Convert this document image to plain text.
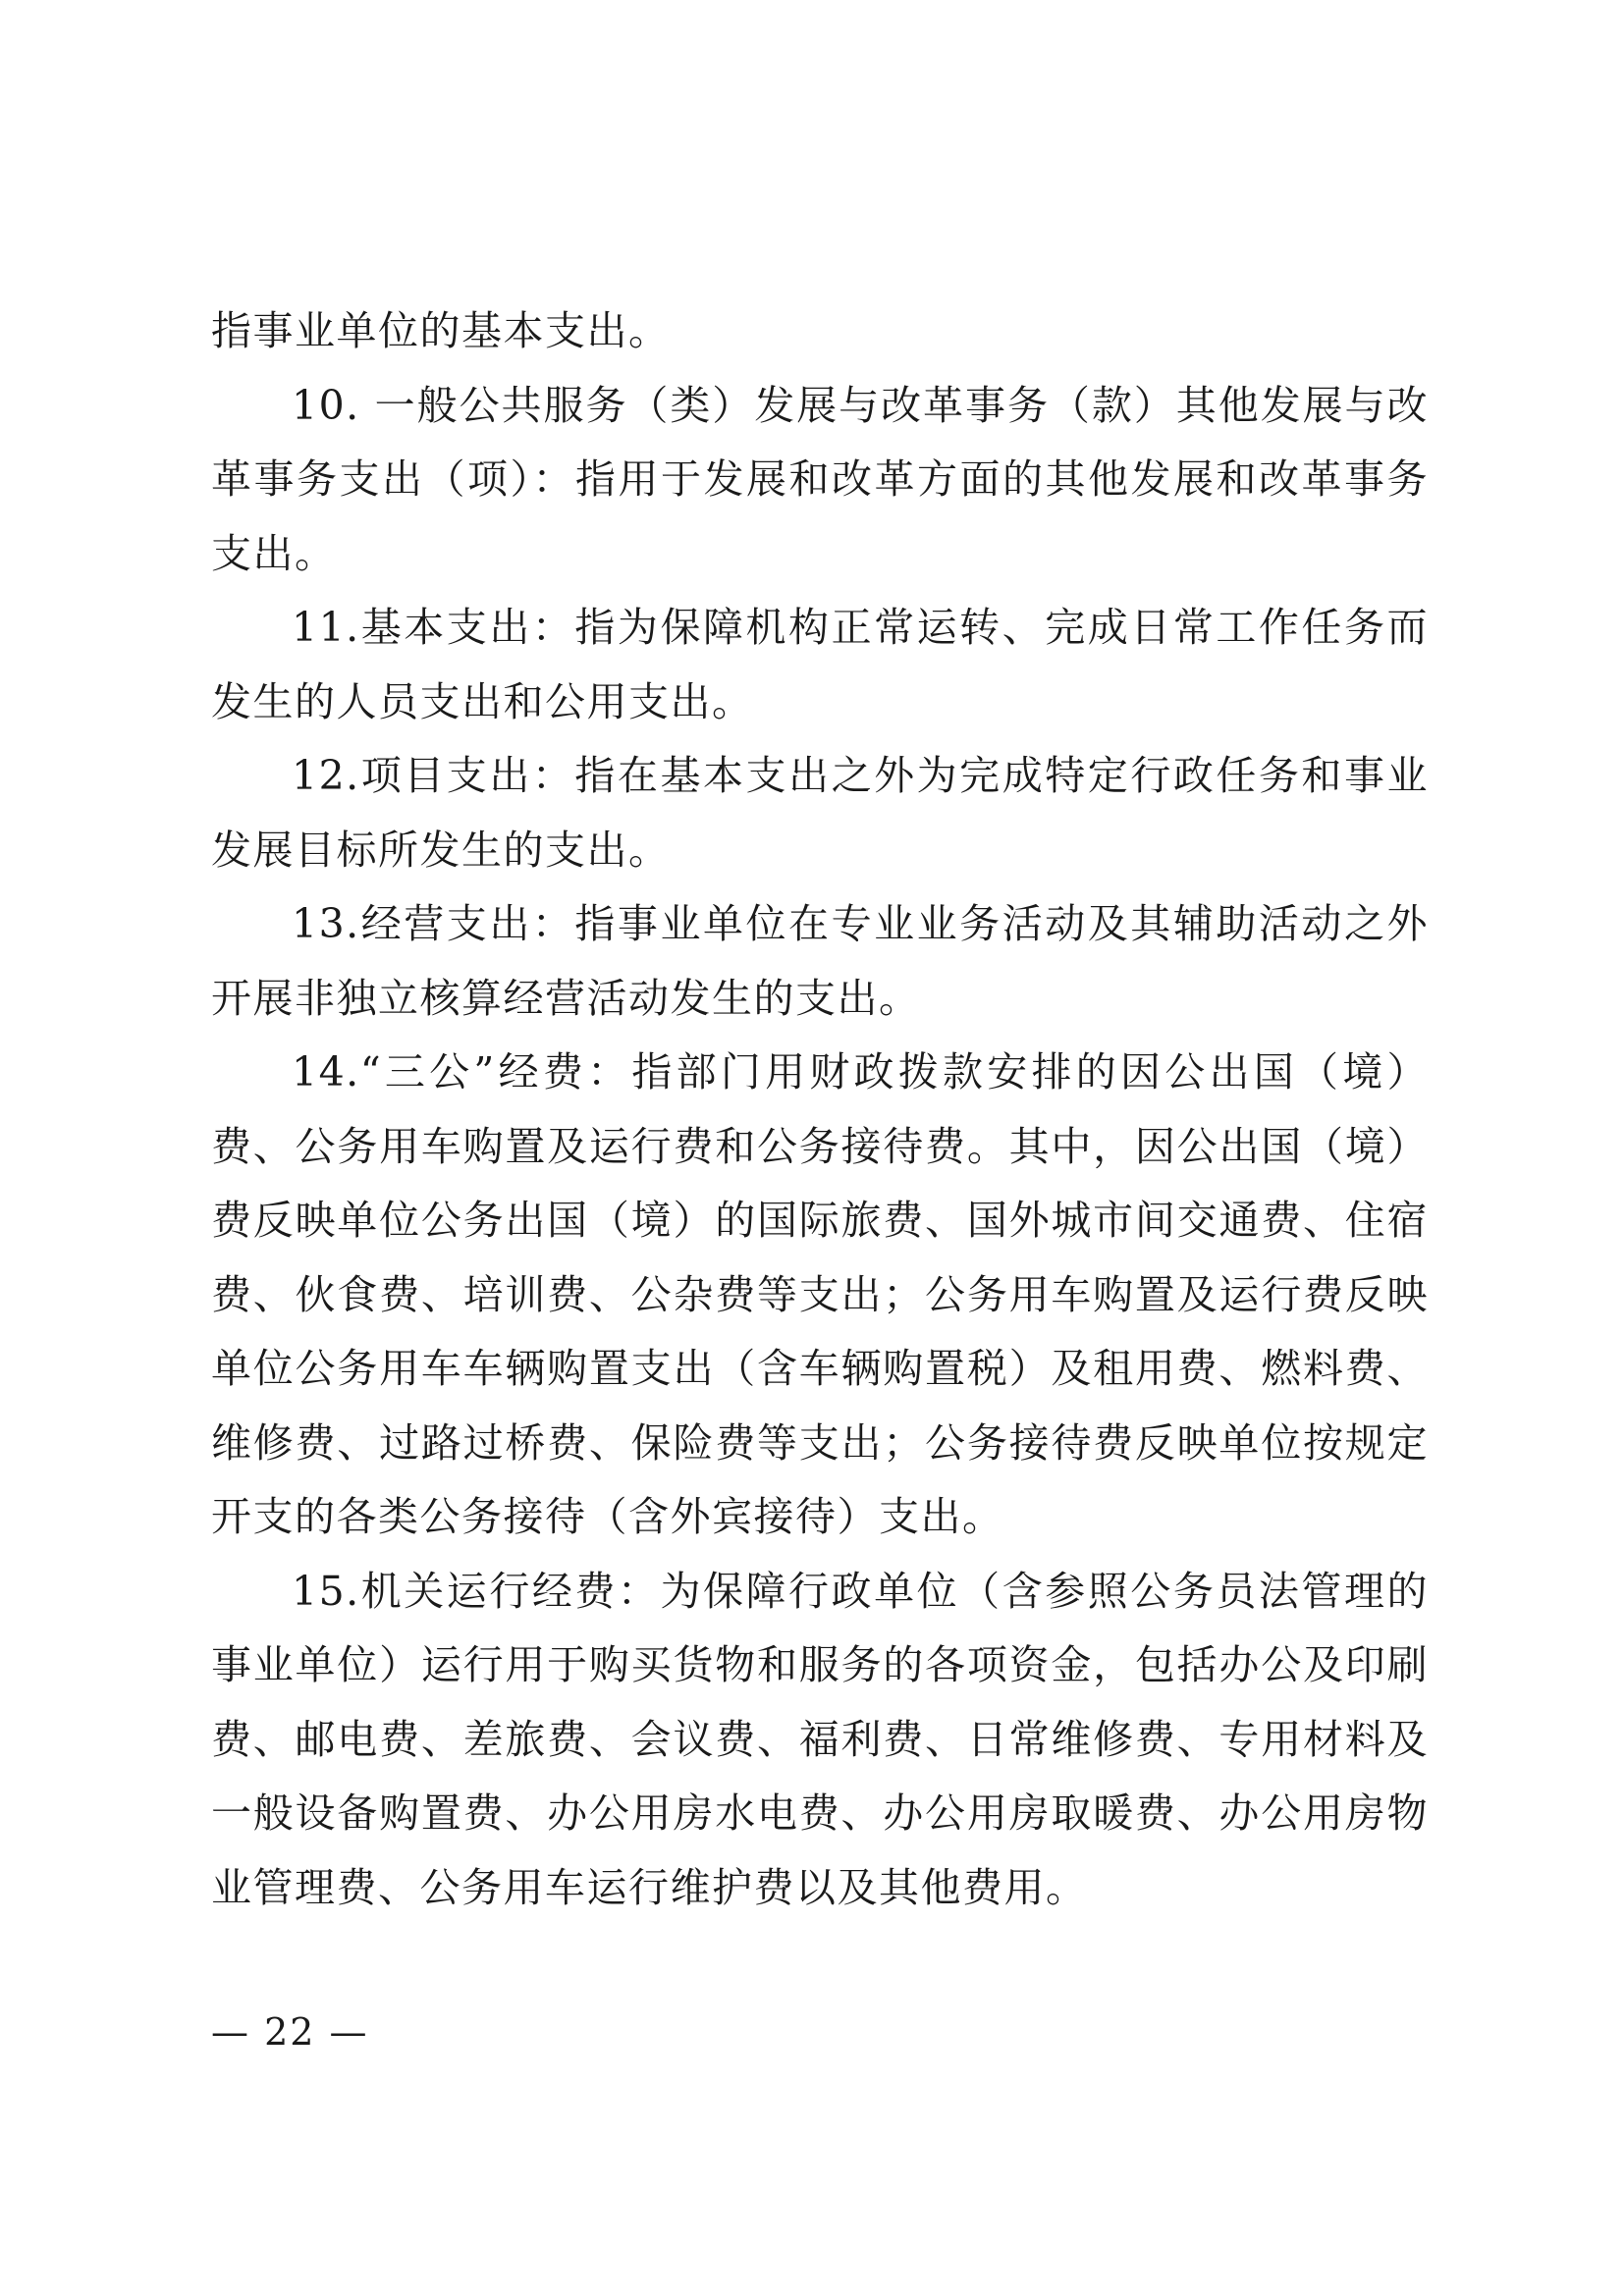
指事业单位的基本支出。

10. 一般公共服务（类）发展与改革事务（款）其他发展与改革事务支出（项）：指用于发展和改革方面的其他发展和改革事务支出。

11.基本支出：指为保障机构正常运转、完成日常工作任务而发生的人员支出和公用支出。

12.项目支出：指在基本支出之外为完成特定行政任务和事业发展目标所发生的支出。

13.经营支出：指事业单位在专业业务活动及其辅助活动之外开展非独立核算经营活动发生的支出。

14.“三公”经费：指部门用财政拨款安排的因公出国（境）费、公务用车购置及运行费和公务接待费。其中，因公出国（境）费反映单位公务出国（境）的国际旅费、国外城市间交通费、住宿费、伙食费、培训费、公杂费等支出；公务用车购置及运行费反映单位公务用车车辆购置支出（含车辆购置税）及租用费、燃料费、维修费、过路过桥费、保险费等支出；公务接待费反映单位按规定开支的各类公务接待（含外宾接待）支出。

15.机关运行经费：为保障行政单位（含参照公务员法管理的事业单位）运行用于购买货物和服务的各项资金，包括办公及印刷费、邮电费、差旅费、会议费、福利费、日常维修费、专用材料及一般设备购置费、办公用房水电费、办公用房取暖费、办公用房物业管理费、公务用车运行维护费以及其他费用。

— 22 —
